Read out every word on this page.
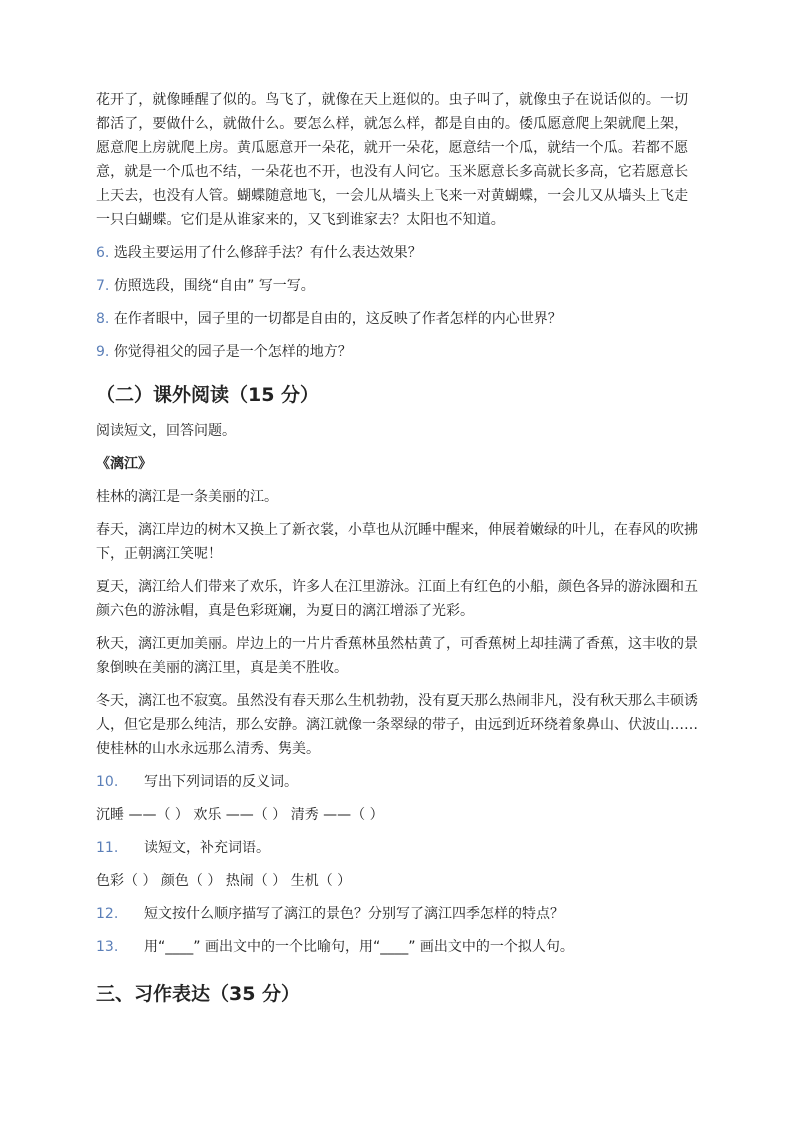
花开了，就像睡醒了似的。鸟飞了，就像在天上逛似的。虫子叫了，就像虫子在说话似的。一切都活了，要做什么，就做什么。要怎么样，就怎么样，都是自由的。倭瓜愿意爬上架就爬上架，愿意爬上房就爬上房。黄瓜愿意开一朵花，就开一朵花，愿意结一个瓜，就结一个瓜。若都不愿意，就是一个瓜也不结，一朵花也不开，也没有人问它。玉米愿意长多高就长多高，它若愿意长上天去，也没有人管。蝴蝶随意地飞，一会儿从墙头上飞来一对黄蝴蝶，一会儿又从墙头上飞走一只白蝴蝶。它们是从谁家来的，又飞到谁家去？太阳也不知道。

6. 选段主要运用了什么修辞手法？有什么表达效果？

7. 仿照选段，围绕“自由” 写一写。

8. 在作者眼中，园子里的一切都是自由的，这反映了作者怎样的内心世界？

9. 你觉得祖父的园子是一个怎样的地方？

（二）课外阅读（15 分）

阅读短文，回答问题。

《漓江》

桂林的漓江是一条美丽的江。

春天，漓江岸边的树木又换上了新衣裳，小草也从沉睡中醒来，伸展着嫩绿的叶儿，在春风的吹拂下，正朝漓江笑呢！

夏天，漓江给人们带来了欢乐，许多人在江里游泳。江面上有红色的小船，颜色各异的游泳圈和五颜六色的游泳帽，真是色彩斑斓，为夏日的漓江增添了光彩。

秋天，漓江更加美丽。岸边上的一片片香蕉林虽然枯黄了，可香蕉树上却挂满了香蕉，这丰收的景象倒映在美丽的漓江里，真是美不胜收。

冬天，漓江也不寂寞。虽然没有春天那么生机勃勃，没有夏天那么热闹非凡，没有秋天那么丰硕诱人，但它是那么纯洁，那么安静。漓江就像一条翠绿的带子，由远到近环绕着象鼻山、伏波山……使桂林的山水永远那么清秀、隽美。

10. 写出下列词语的反义词。

沉睡 ——（ ） 欢乐 ——（ ） 清秀 ——（ ）

11. 读短文，补充词语。

色彩（ ） 颜色（ ） 热闹（ ） 生机（ ）

12. 短文按什么顺序描写了漓江的景色？分别写了漓江四季怎样的特点？

13. 用“____” 画出文中的一个比喻句，用“____” 画出文中的一个拟人句。

三、习作表达（35 分）
